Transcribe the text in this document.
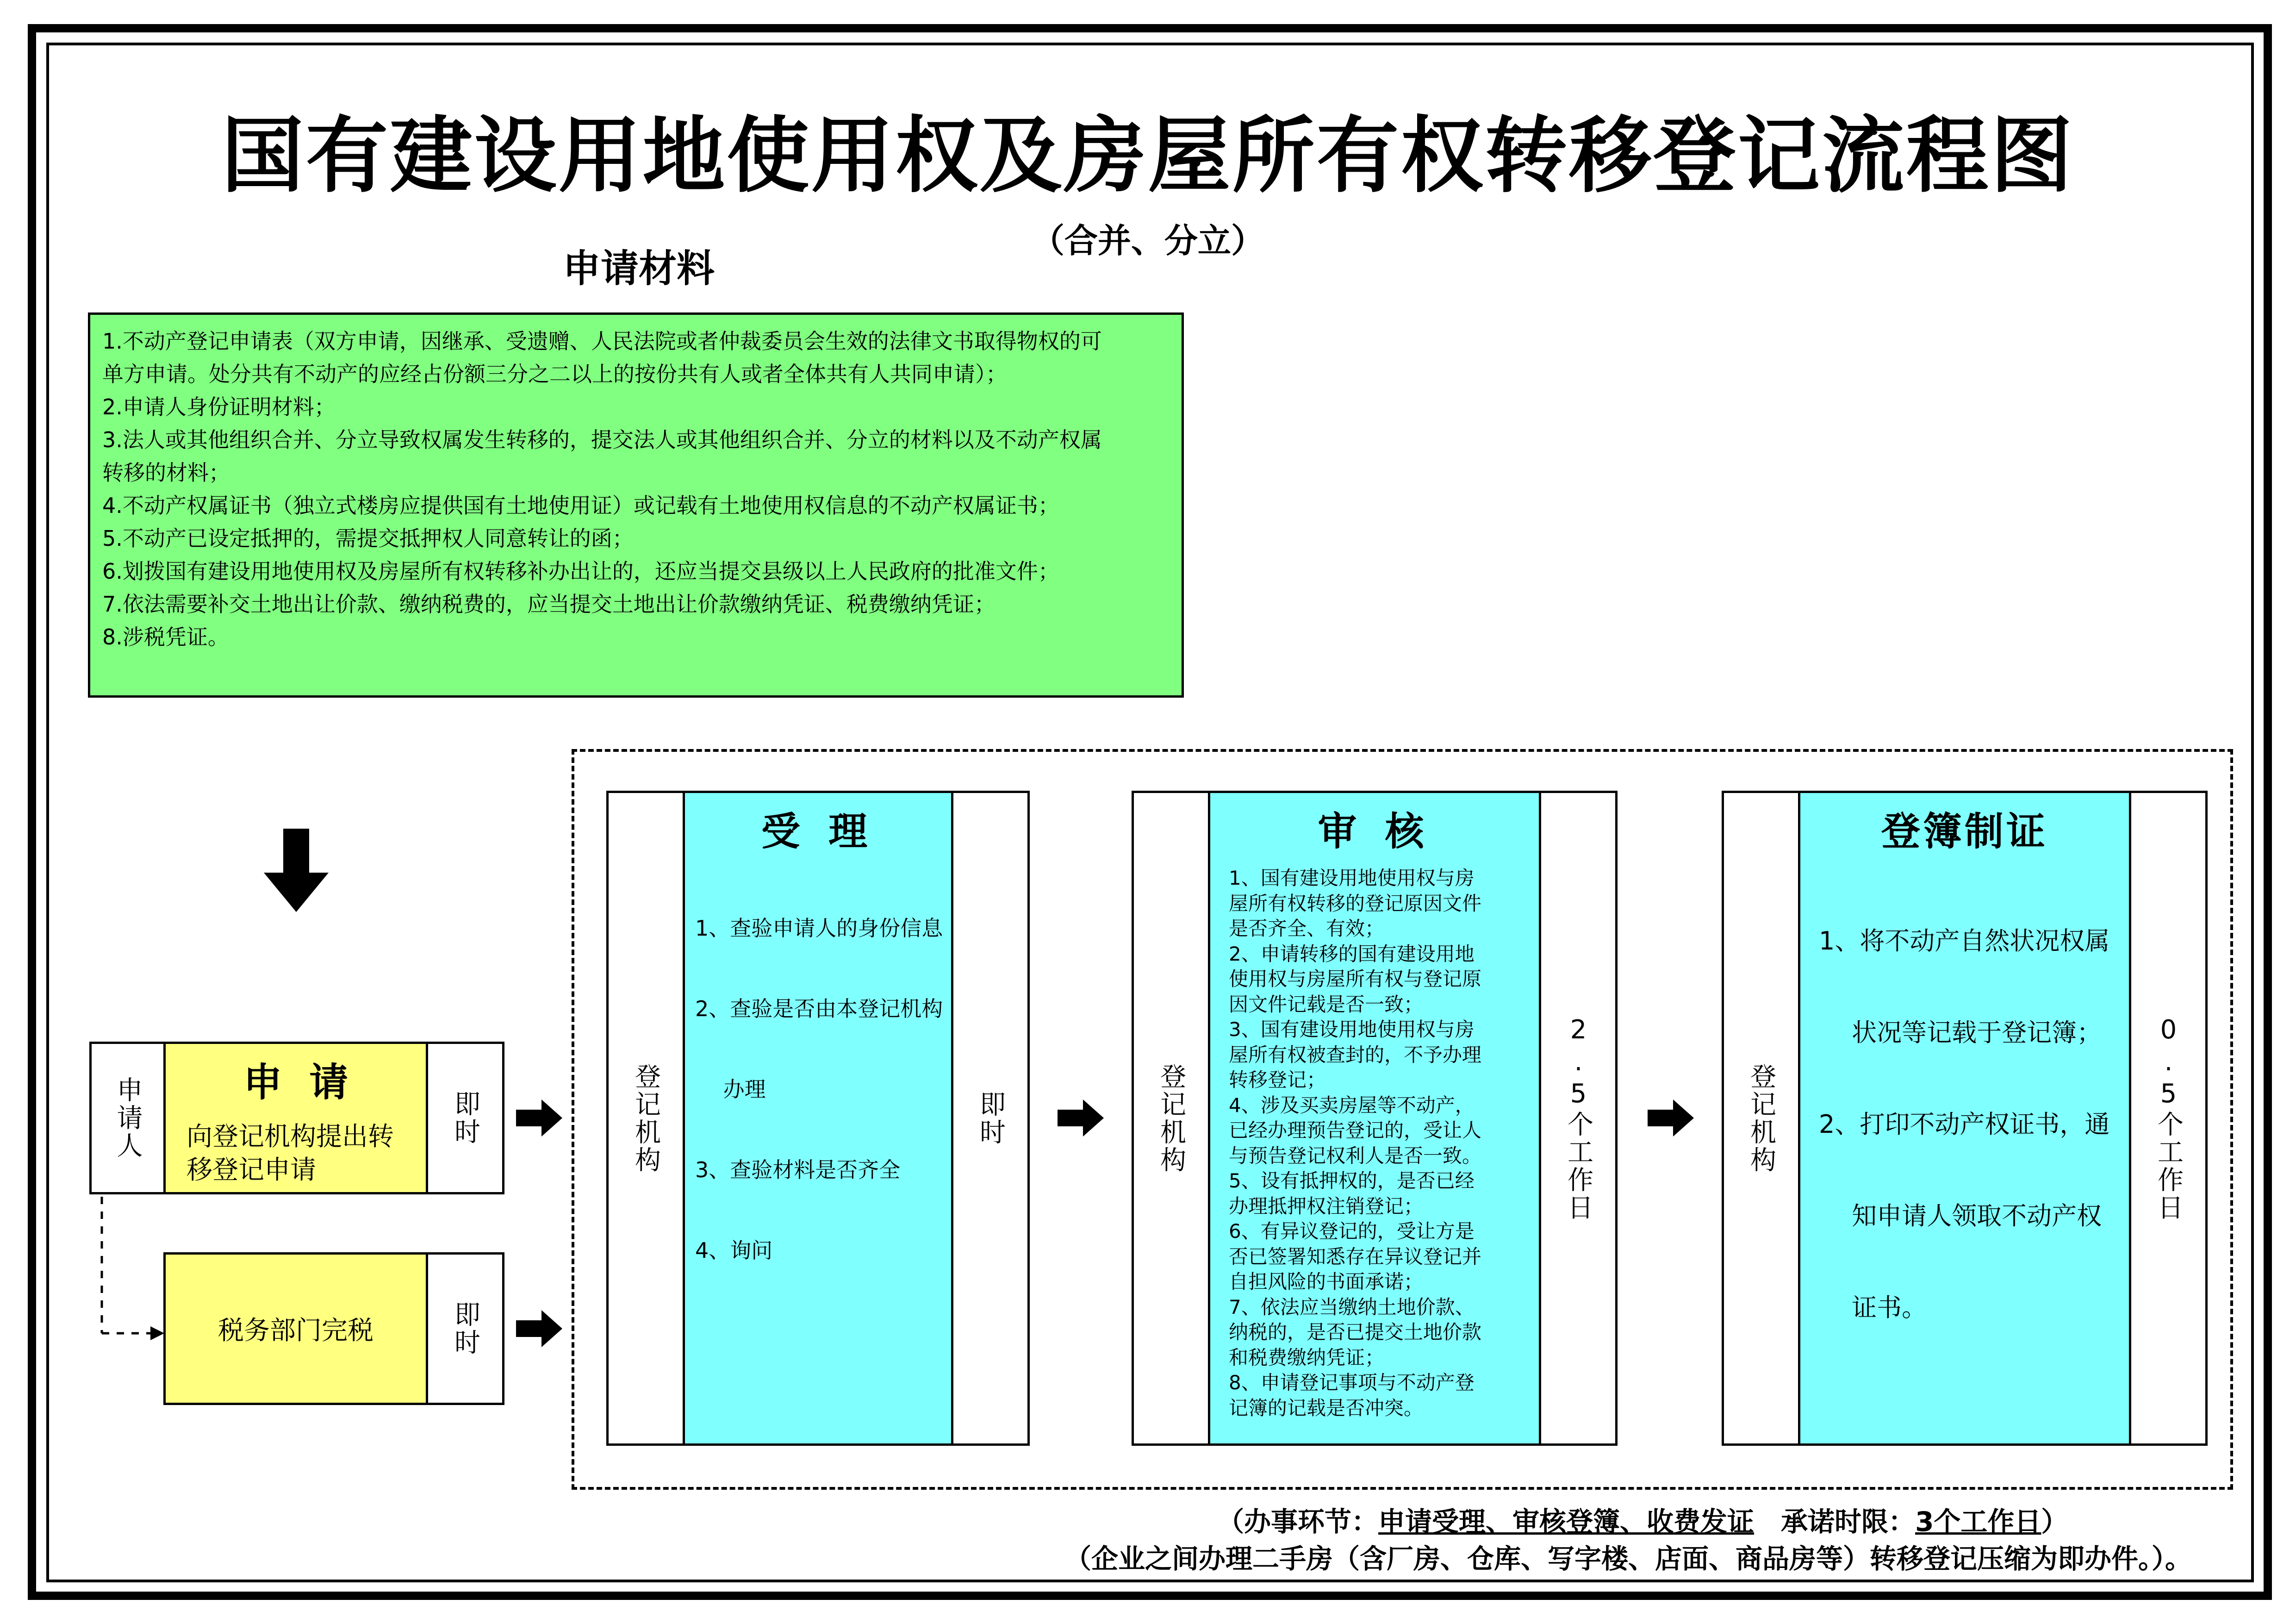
国有建设用地使用权及房屋所有权转移登记流程图
（合并、分立）
申请材料
1.不动产登记申请表（双方申请，因继承、受遗赠、人民法院或者仲裁委员会生效的法律文书取得物权的可
单方申请。处分共有不动产的应经占份额三分之二以上的按份共有人或者全体共有人共同申请）；
2.申请人身份证明材料；
3.法人或其他组织合并、分立导致权属发生转移的，提交法人或其他组织合并、分立的材料以及不动产权属
转移的材料；
4.不动产权属证书（独立式楼房应提供国有土地使用证）或记载有土地使用权信息的不动产权属证书；
5.不动产已设定抵押的，需提交抵押权人同意转让的函；
6.划拨国有建设用地使用权及房屋所有权转移补办出让的，还应当提交县级以上人民政府的批准文件；
7.依法需要补交土地出让价款、缴纳税费的，应当提交土地出让价款缴纳凭证、税费缴纳凭证；
8.涉税凭证。
申请人	申  请
向登记机构提出转移登记申请
即时
税务部门完税	即时
登记机构
受 理

1、查验申请人的身份信息

2、查验是否由本登记机构

　 办理

3、查验材料是否齐全

4、询问

即时	登记机构
审 核
1、国有建设用地使用权与房
屋所有权转移的登记原因文件
是否齐全、有效；
2、申请转移的国有建设用地
使用权与房屋所有权与登记原
因文件记载是否一致；
3、国有建设用地使用权与房
屋所有权被查封的，不予办理
转移登记；
4、涉及买卖房屋等不动产，
已经办理预告登记的，受让人
与预告登记权利人是否一致。
5、设有抵押权的，是否已经
办理抵押权注销登记；
6、有异议登记的，受让方是
否已签署知悉存在异议登记并
自担风险的书面承诺；
7、依法应当缴纳土地价款、
纳税的，是否已提交土地价款
和税费缴纳凭证；
8、申请登记事项与不动产登
记簿的记载是否冲突。
2.5个工作日	登记机构
登簿制证

1、将不动产自然状况权属

　 状况等记载于登记簿；

2、打印不动产权证书，通

　 知申请人领取不动产权

　 证书。

0.5个工作日
（办事环节：申请受理、审核登簿、收费发证　 承诺时限：3个工作日）
（企业之间办理二手房（含厂房、仓库、写字楼、店面、商品房等）转移登记压缩为即办件。）。
